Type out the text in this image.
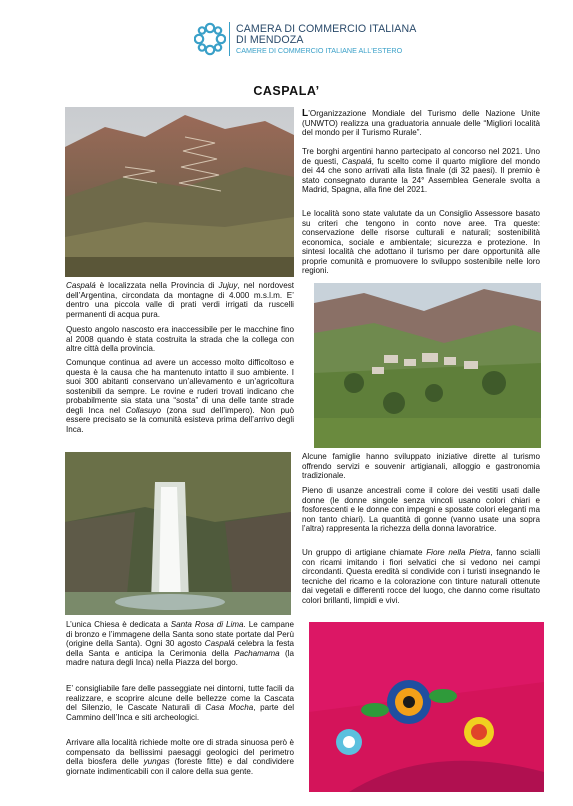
CAMERA DI COMMERCIO ITALIANA
DI MENDOZA
CAMERE DI COMMERCIO ITALIANE ALL'ESTERO
CASPALA’
L’Organizzazione Mondiale del Turismo delle Nazione Unite (UNWTO) realizza una graduatoria annuale delle “Migliori località del mondo per il Turismo Rurale”.
Tre borghi argentini hanno partecipato al concorso nel 2021. Uno de questi, Caspalá, fu scelto come il quarto migliore del mondo dei 44 che sono arrivati alla lista finale (di 32 paesi). Il premio è stato consegnato durante la 24° Assemblea Generale svolta a Madrid, Spagna, alla fine del 2021.
Le località sono state valutate da un Consiglio Assessore basato su criteri che tengono in conto nove aree. Tra queste: conservazione delle risorse culturali e naturali; sostenibilità economica, sociale e ambientale; sicurezza e protezione. In sintesi località che adottano il turismo per dare opportunità alle proprie comunità e promuovere lo sviluppo sostenibile nelle loro regioni.
Caspalá è localizzata nella Provincia di Jujuy, nel nordovest dell’Argentina, circondata da montagne di 4.000 m.s.l.m. E’ dentro una piccola valle di prati verdi irrigati da ruscelli permanenti di acqua pura.
Questo angolo nascosto era inaccessibile per le macchine fino al 2008 quando è stata costruita la strada che la collega con altre città della provincia.
Comunque continua ad avere un accesso molto difficoltoso e questa è la causa che ha mantenuto intatto il suo ambiente. I suoi 300 abitanti conservano un’allevamento e un’agricoltura sostenibili da sempre. Le rovine e ruderi trovati indicano che probabilmente sia stata una “sosta” di una delle tante strade degli Inca nel Collasuyo (zona sud dell’impero). Non può essere precisato se la comunità esisteva prima dell’arrivo degli Inca.
Alcune famiglie hanno sviluppato iniziative dirette al turismo offrendo servizi e souvenir artigianali, alloggio e gastronomia tradizionale.
Pieno di usanze ancestrali come il colore dei vestiti usati dalle donne (le donne singole senza vincoli usano colori chiari e fosforescenti e le donne con impegni e sposate colori eleganti ma non tanto chiari). La quantità di gonne (vanno usate una sopra l’altra) rappresenta la richezza della donna lavoratrice.
Un gruppo di artigiane chiamate Fiore nella Pietra, fanno scialli con ricami imitando i fiori selvatici che si vedono nei campi circondanti. Questa eredità si condivide con i turisti insegnando le tecniche del ricamo e la colorazione con tinture naturali ottenute dai vegetali e differenti rocce del luogo, che danno come risultato colori brillanti, limpidi e vivi.
L’unica Chiesa è dedicata a Santa Rosa di Lima. Le campane di bronzo e l’immagene della Santa sono state portate dal Perù (origine della Santa). Ogni 30 agosto Caspalá celebra la festa della Santa e anticipa la Cerimonia della Pachamama (la madre natura degli Inca) nella Piazza del borgo.
E’ consigliabile fare delle passeggiate nei dintorni, tutte facili da realizzare, e scoprire alcune delle bellezze come la Cascata del Silenzio, le Cascate Naturali di Casa Mocha, parte del Cammino dell’Inca e siti archeologici.
Arrivare alla località richiede molte ore di strada sinuosa però è compensato da bellissimi paesaggi geologici del perimetro della biosfera delle yungas (foreste fitte) e dal condividere giornate indimenticabili con il calore della sua gente.
